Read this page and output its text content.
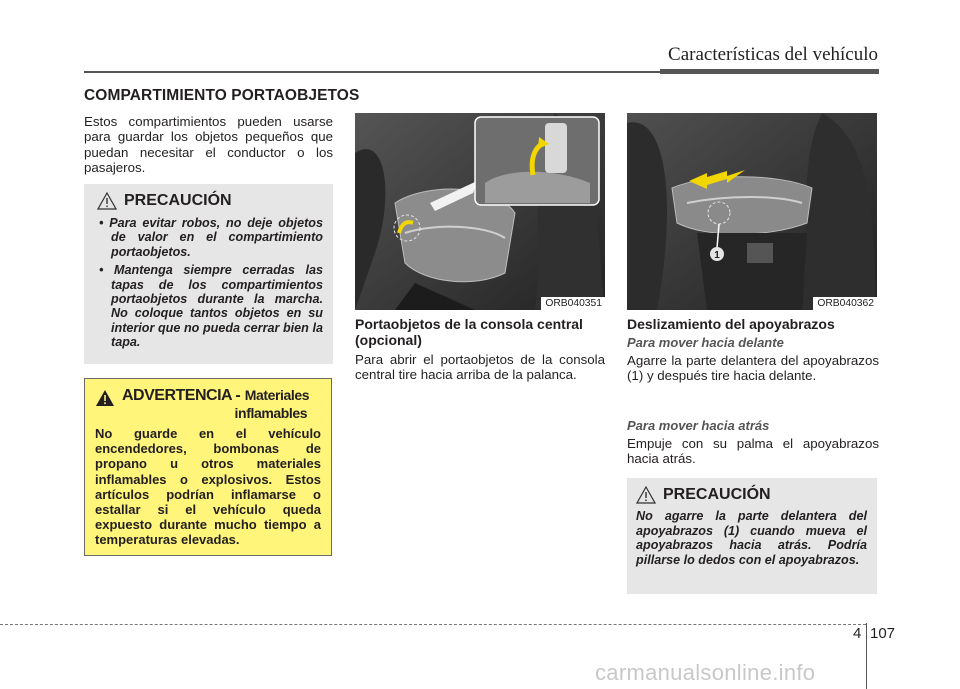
Características del vehículo
COMPARTIMIENTO PORTAOBJETOS
Estos compartimientos pueden usarse para guardar los objetos pequeños que puedan necesitar el conductor o los pasajeros.
PRECAUCIÓN
• Para evitar robos, no deje objetos de valor en el compartimiento portaobjetos.
• Mantenga siempre cerradas las tapas de los compartimientos portaobjetos durante la marcha. No coloque tantos objetos en su interior que no pueda cerrar bien la tapa.
ADVERTENCIA - Materiales
inflamables
No guarde en el vehículo encendedores, bombonas de propano u otros materiales inflamables o explosivos. Estos artículos podrían inflamarse o estallar si el vehículo queda expuesto durante mucho tiempo a temperaturas elevadas.
ORB040351
Portaobjetos de la consola central (opcional)
Para abrir el portaobjetos de la consola central tire hacia arriba de la palanca.
1
ORB040362
Deslizamiento del apoyabrazos
Para mover hacia delante
Agarre la parte delantera del apoyabrazos (1) y después tire hacia delante.
Para mover hacia atrás
Empuje con su palma el apoyabrazos hacia atrás.
PRECAUCIÓN
No agarre la parte delantera del apoyabrazos (1) cuando mueva el apoyabrazos hacia atrás. Podría pillarse lo dedos con el apoyabrazos.
4 107
carmanualsonline.info
